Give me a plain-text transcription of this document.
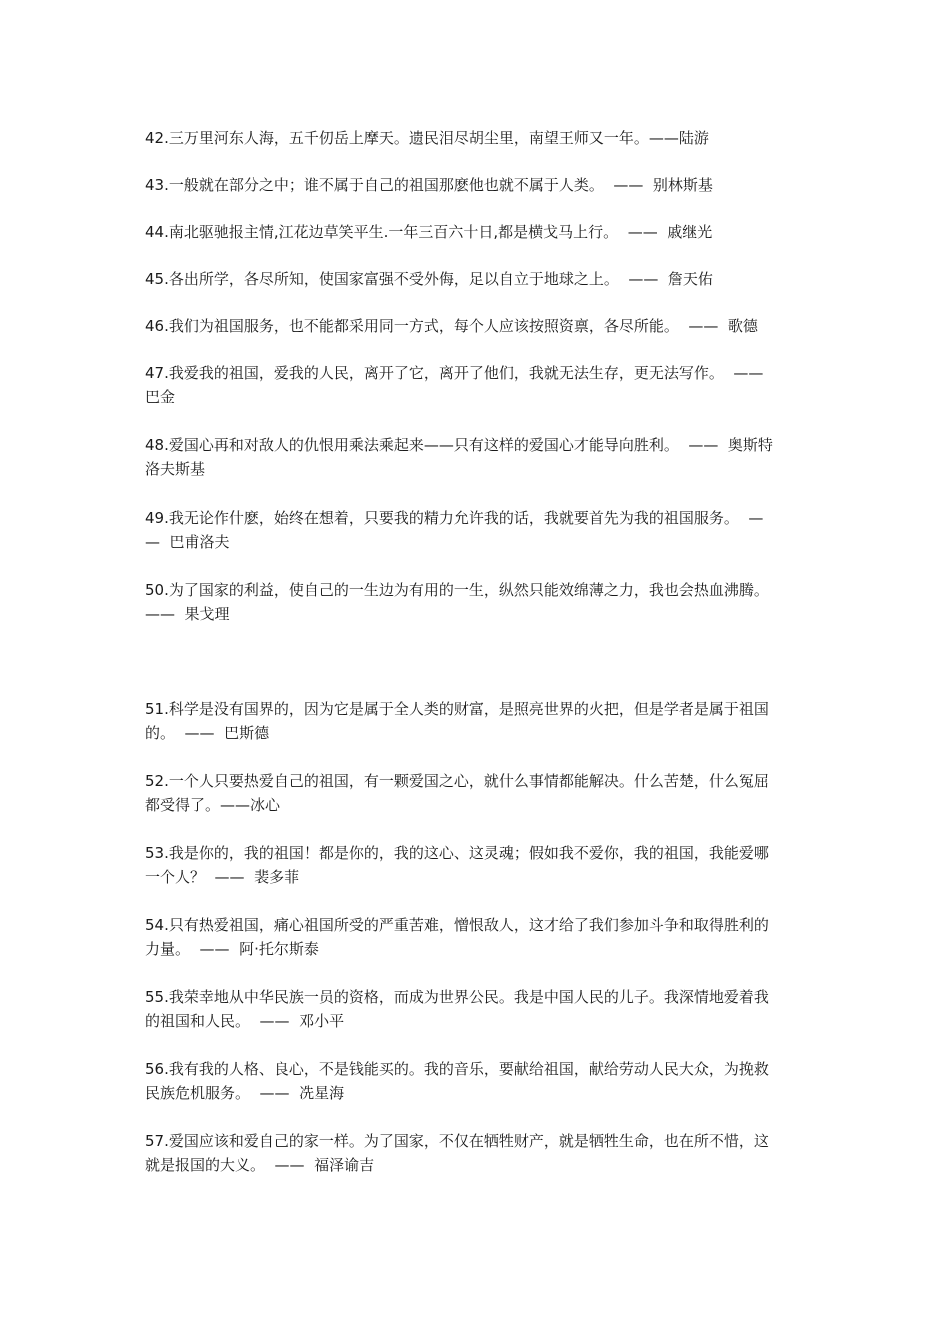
42.三万里河东人海，五千仞岳上摩天。遗民泪尽胡尘里，南望王师又一年。——陆游

43.一般就在部分之中；谁不属于自己的祖国那麽他也就不属于人类。  ——  别林斯基

44.南北驱驰报主情,江花边草笑平生.一年三百六十日,都是横戈马上行。  ——  戚继光

45.各出所学，各尽所知，使国家富强不受外侮，足以自立于地球之上。  ——  詹天佑

46.我们为祖国服务，也不能都采用同一方式，每个人应该按照资禀，各尽所能。  ——  歌德

47.我爱我的祖国，爱我的人民，离开了它，离开了他们，我就无法生存，更无法写作。  ——
巴金

48.爱国心再和对敌人的仇恨用乘法乘起来——只有这样的爱国心才能导向胜利。  ——  奥斯特
洛夫斯基

49.我无论作什麽，始终在想着，只要我的精力允许我的话，我就要首先为我的祖国服务。  —
—  巴甫洛夫

50.为了国家的利益，使自己的一生边为有用的一生，纵然只能效绵薄之力，我也会热血沸腾。
——  果戈理

51.科学是没有国界的，因为它是属于全人类的财富，是照亮世界的火把，但是学者是属于祖国
的。  ——  巴斯德

52.一个人只要热爱自己的祖国，有一颗爱国之心，就什么事情都能解决。什么苦楚，什么冤屈
都受得了。——冰心

53.我是你的，我的祖国！都是你的，我的这心、这灵魂；假如我不爱你，我的祖国，我能爱哪
一个人？  ——  裴多菲

54.只有热爱祖国，痛心祖国所受的严重苦难，憎恨敌人，这才给了我们参加斗争和取得胜利的
力量。  ——  阿·托尔斯泰

55.我荣幸地从中华民族一员的资格，而成为世界公民。我是中国人民的儿子。我深情地爱着我
的祖国和人民。  ——  邓小平

56.我有我的人格、良心，不是钱能买的。我的音乐，要献给祖国，献给劳动人民大众，为挽救
民族危机服务。  ——  冼星海

57.爱国应该和爱自己的家一样。为了国家，不仅在牺牲财产，就是牺牲生命，也在所不惜，这
就是报国的大义。  ——  福泽谕吉
